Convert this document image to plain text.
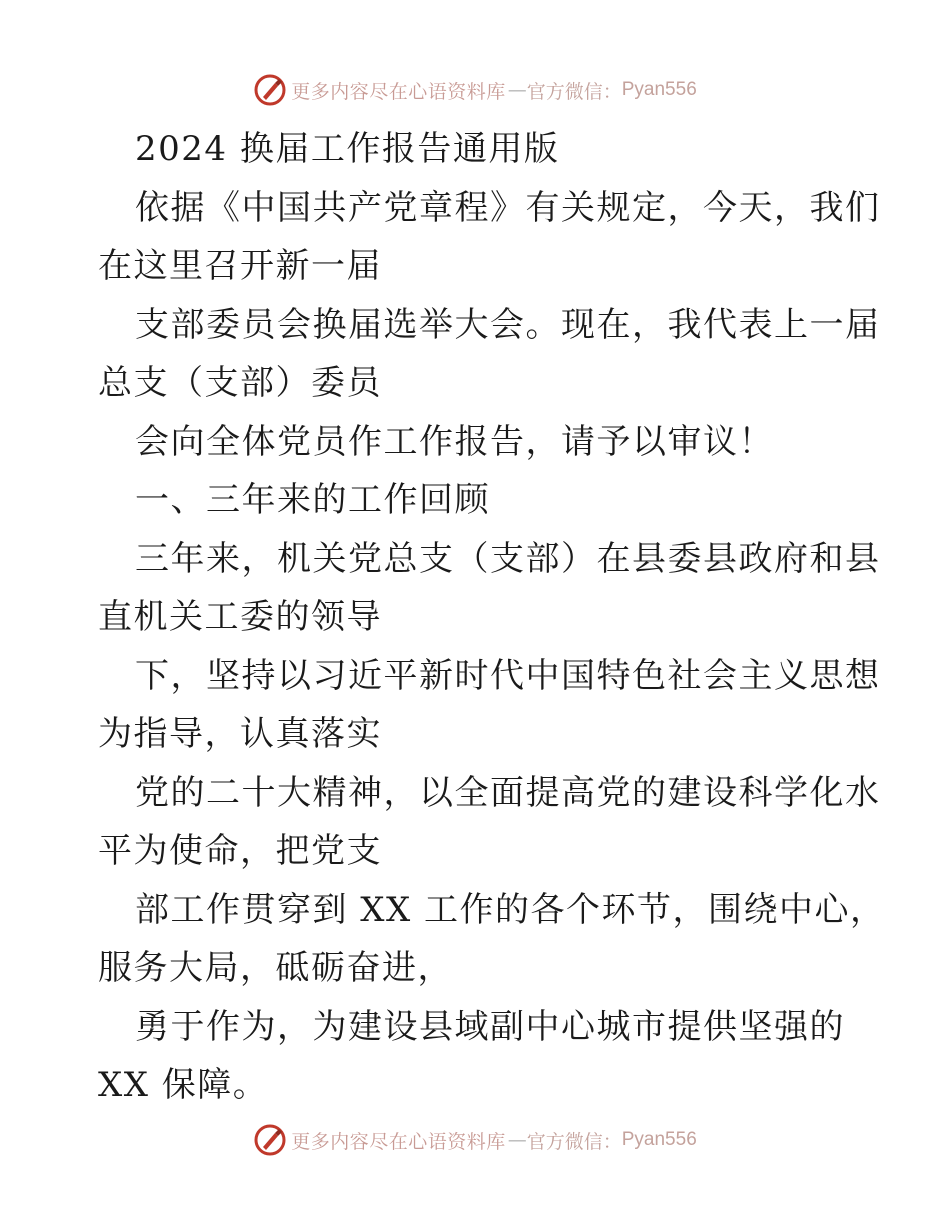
更多内容尽在心语资料库 — 官方微信： Pyan556
2024 换届工作报告通用版
依据《中国共产党章程》有关规定，今天，我们
在这里召开新一届
支部委员会换届选举大会。现在，我代表上一届
总支（支部）委员
会向全体党员作工作报告，请予以审议！
一、三年来的工作回顾
三年来，机关党总支（支部）在县委县政府和县
直机关工委的领导
下，坚持以习近平新时代中国特色社会主义思想
为指导，认真落实
党的二十大精神，以全面提高党的建设科学化水
平为使命，把党支
部工作贯穿到 XX 工作的各个环节，围绕中心，
服务大局，砥砺奋进，
勇于作为，为建设县域副中心城市提供坚强的
XX 保障。
更多内容尽在心语资料库 — 官方微信： Pyan556
